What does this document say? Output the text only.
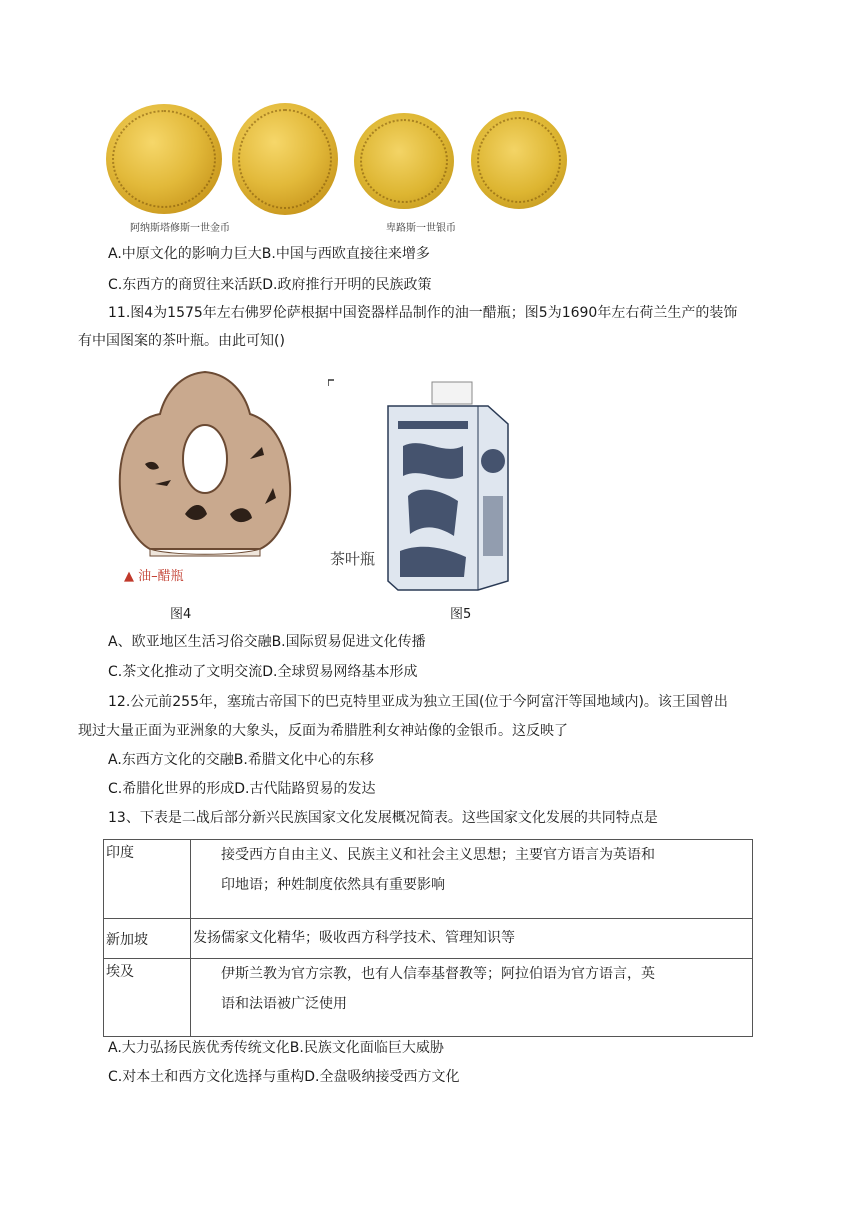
阿纳斯塔修斯一世金币	卑路斯一世银币
A.中原文化的影响力巨大B.中国与西欧直接往来增多
C.东西方的商贸往来活跃D.政府推行开明的民族政策
11.图4为1575年左右佛罗伦萨根据中国瓷器样品制作的油一醋瓶；图5为1690年左右荷兰生产的装饰
有中国图案的茶叶瓶。由此可知()
▲ 油–醋瓶
茶叶瓶
图4	图5
A、欧亚地区生活习俗交融B.国际贸易促进文化传播
C.茶文化推动了文明交流D.全球贸易网络基本形成
12.公元前255年，塞琉古帝国下的巴克特里亚成为独立王国(位于今阿富汗等国地域内)。该王国曾出
现过大量正面为亚洲象的大象头，反面为希腊胜利女神站像的金银币。这反映了
A.东西方文化的交融B.希腊文化中心的东移
C.希腊化世界的形成D.古代陆路贸易的发达
13、下表是二战后部分新兴民族国家文化发展概况简表。这些国家文化发展的共同特点是
印度	接受西方自由主义、民族主义和社会主义思想；主要官方语言为英语和
印地语；种姓制度依然具有重要影响

新加坡	发扬儒家文化精华；吸收西方科学技术、管理知识等

埃及	伊斯兰教为官方宗教，也有人信奉基督教等；阿拉伯语为官方语言，英
语和法语被广泛使用
A.大力弘扬民族优秀传统文化B.民族文化面临巨大威胁
C.对本土和西方文化选择与重构D.全盘吸纳接受西方文化
